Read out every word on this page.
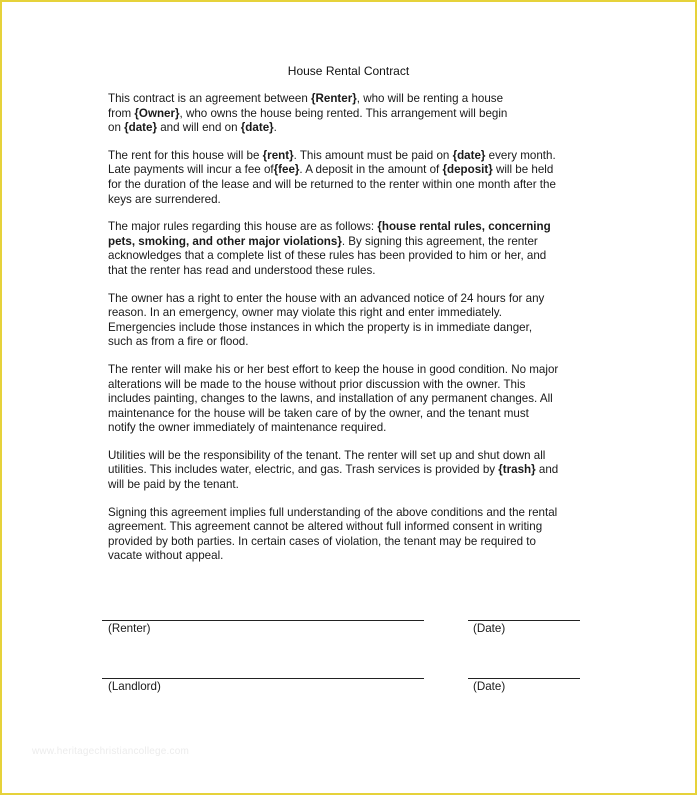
House Rental Contract
This contract is an agreement between {Renter}, who will be renting a house
from {Owner}, who owns the house being rented. This arrangement will begin
on {date} and will end on {date}.
The rent for this house will be {rent}. This amount must be paid on {date} every month.
Late payments will incur a fee of{fee}. A deposit in the amount of {deposit} will be held
for the duration of the lease and will be returned to the renter within one month after the
keys are surrendered.
The major rules regarding this house are as follows: {house rental rules, concerning
pets, smoking, and other major violations}. By signing this agreement, the renter
acknowledges that a complete list of these rules has been provided to him or her, and
that the renter has read and understood these rules.
The owner has a right to enter the house with an advanced notice of 24 hours for any
reason. In an emergency, owner may violate this right and enter immediately.
Emergencies include those instances in which the property is in immediate danger,
such as from a fire or flood.
The renter will make his or her best effort to keep the house in good condition. No major
alterations will be made to the house without prior discussion with the owner. This
includes painting, changes to the lawns, and installation of any permanent changes. All
maintenance for the house will be taken care of by the owner, and the tenant must
notify the owner immediately of maintenance required.
Utilities will be the responsibility of the tenant. The renter will set up and shut down all
utilities. This includes water, electric, and gas. Trash services is provided by {trash} and
will be paid by the tenant.
Signing this agreement implies full understanding of the above conditions and the rental
agreement. This agreement cannot be altered without full informed consent in writing
provided by both parties. In certain cases of violation, the tenant may be required to
vacate without appeal.
(Renter)	(Date)
(Landlord)	(Date)
www.heritagechristiancollege.com
